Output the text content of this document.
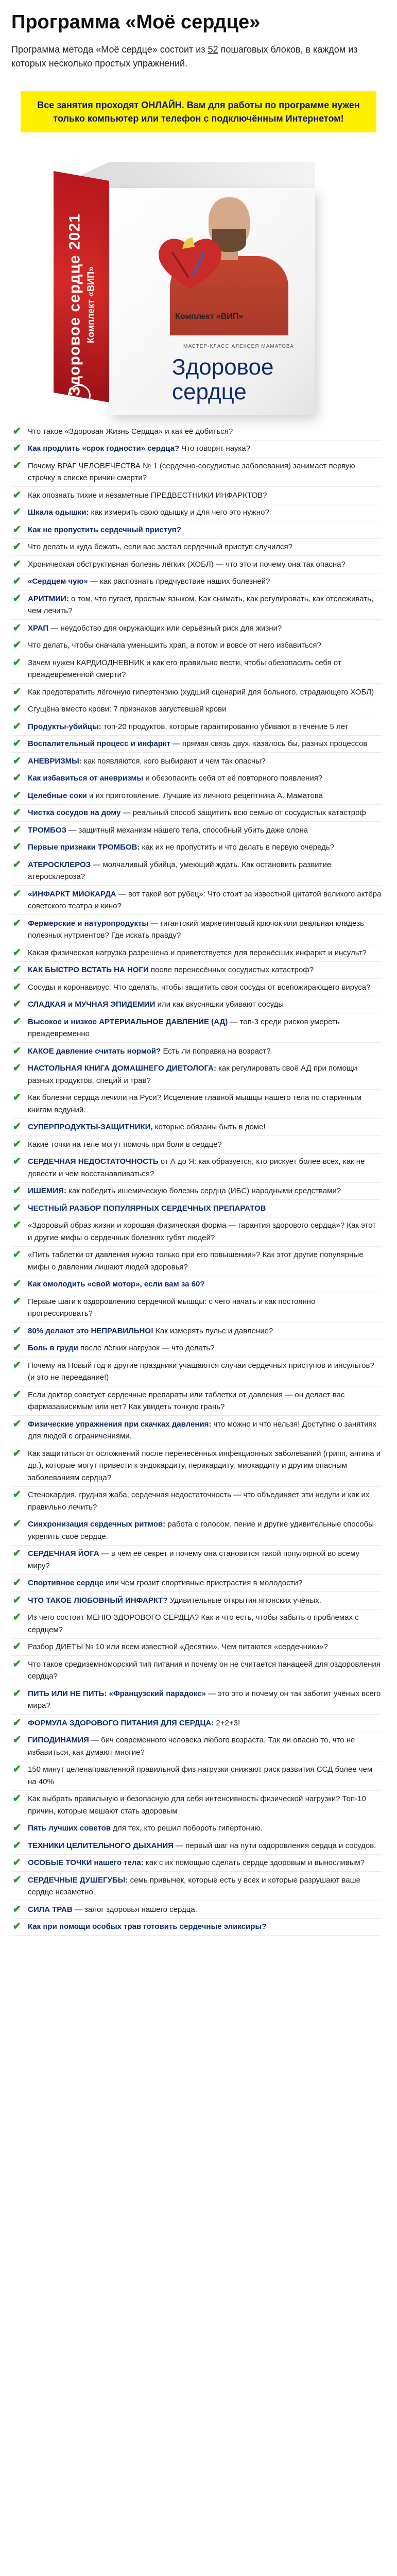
Программа «Моё сердце»
Программа метода «Моё сердце» состоит из 52 пошаговых блоков, в каждом из которых несколько простых упражнений.
Все занятия проходят ОНЛАЙН. Вам для работы по программе нужен только компьютер или телефон с подключённым Интернетом!
Здоровое сердце 2021 Комплект «ВИП»	Комплект «ВИП»
МАСТЕР-КЛАСС АЛЕКСЕЯ МАМАТОВА
Здоровое
сердце
✔ Что такое «Здоровая Жизнь Сердца» и как её добиться?
✔ Как продлить «срок годности» сердца? Что говорят наука?
✔ Почему ВРАГ ЧЕЛОВЕЧЕСТВА № 1 (сердечно-сосудистые заболевания) занимает первую строчку в списке причин смерти?
✔ Как опознать тихие и незаметные ПРЕДВЕСТНИКИ ИНФАРКТОВ?
✔ Шкала одышки: как измерить свою одышку и для чего это нужно?
✔ Как не пропустить сердечный приступ?
✔ Что делать и куда бежать, если вас застал сердечный приступ случился?
✔ Хроническая обструктивная болезнь лёгких (ХОБЛ) — что это и почему она так опасна?
✔ «Сердцем чую» — как распознать предчувствие наших болезней?
✔ АРИТМИИ: о том, что пугает, простым языком. Как снимать, как регулировать, как отслеживать, чем лечить?
✔ ХРАП — неудобство для окружающих или серьёзный риск для жизни?
✔ Что делать, чтобы сначала уменьшить храп, а потом и вовсе от него избавиться?
✔ Зачем нужен КАРДИОДНЕВНИК и как его правильно вести, чтобы обезопасить себя от преждевременной смерти?
✔ Как предотвратить лёгочную гипертензию (худший сценарий для больного, страдающего ХОБЛ)
✔ Сгущёна вместо крови: 7 признаков загустевшей крови
✔ Продукты-убийцы: топ-20 продуктов, которые гарантированно убивают в течение 5 лет
✔ Воспалительный процесс и инфаркт — прямая связь двух, казалось бы, разных процессов
✔ АНЕВРИЗМЫ: как появляются, кого выбирают и чем так опасны?
✔ Как избавиться от аневризмы и обезопасить себя от её повторного появления?
✔ Целебные соки и их приготовление. Лучшие из личного рецептника А. Маматова
✔ Чистка сосудов на дому — реальный способ защитить всю семью от сосудистых катастроф
✔ ТРОМБОЗ — защитный механизм нашего тела, способный убить даже слона
✔ Первые признаки ТРОМБОВ: как их не пропустить и что делать в первую очередь?
✔ АТЕРОСКЛЕРОЗ — молчаливый убийца, умеющий ждать. Как остановить развитие атеросклероза?
✔ «ИНФАРКТ МИОКАРДА — вот такой вот рубец»: Что стоит за известной цитатой великого актёра советского театра и кино?
✔ Фермерские и натуропродукты — гигантский маркетинговый крючок или реальная кладезь полезных нутриентов? Где искать правду?
✔ Какая физическая нагрузка разрешена и приветствуется для перенёсших инфаркт и инсульт?
✔ КАК БЫСТРО ВСТАТЬ НА НОГИ после перенесённых сосудистых катастроф?
✔ Сосуды и коронавирус. Что сделать, чтобы защитить свои сосуды от всепожирающего вируса?
✔ СЛАДКАЯ и МУЧНАЯ ЭПИДЕМИИ или как вкусняшки убивают сосуды
✔ Высокое и низкое АРТЕРИАЛЬНОЕ ДАВЛЕНИЕ (АД) — топ-3 среди рисков умереть преждевременно
✔ КАКОЕ давление считать нормой? Есть ли поправка на возраст?
✔ НАСТОЛЬНАЯ КНИГА ДОМАШНЕГО ДИЕТОЛОГА: как регулировать своё АД при помощи разных продуктов, специй и трав?
✔ Как болезни сердца лечили на Руси? Исцеление главной мышцы нашего тела по старинным книгам ведуний.
✔ СУПЕРПРОДУКТЫ-ЗАЩИТНИКИ, которые обязаны быть в доме!
✔ Какие точки на теле могут помочь при боли в сердце?
✔ СЕРДЕЧНАЯ НЕДОСТАТОЧНОСТЬ от А до Я: как образуется, кто рискует более всех, как не довести и чем восстанавливаться?
✔ ИШЕМИЯ: как победить ишемическую болезнь сердца (ИБС) народными средствами?
✔ ЧЕСТНЫЙ РАЗБОР ПОПУЛЯРНЫХ СЕРДЕЧНЫХ ПРЕПАРАТОВ
✔ «Здоровый образ жизни и хорошая физическая форма — гарантия здорового сердца»? Как этот и другие мифы о сердечных болезнях губят людей?
✔ «Пить таблетки от давления нужно только при его повышении»? Как этот другие популярные мифы о давлении лишают людей здоровья?
✔ Как омолодить «свой мотор», если вам за 60?
✔ Первые шаги к оздоровлению сердечной мышцы: с чего начать и как постоянно прогрессировать?
✔ 80% делают это НЕПРАВИЛЬНО! Как измерять пульс и давление?
✔ Боль в груди после лёгких нагрузок — что делать?
✔ Почему на Новый год и другие праздники учащаются случаи сердечных приступов и инсультов? (и это не переедание!)
✔ Если доктор советует сердечные препараты или таблетки от давления — он делает вас фармазависимым или нет? Как увидеть тонкую грань?
✔ Физические упражнения при скачках давления: что можно и что нельзя! Доступно о занятиях для людей с ограничениями.
✔ Как защититься от осложнений после перенесённых инфекционных заболеваний (грипп, ангина и др.), которые могут привести к эндокардиту, перикардиту, миокардиту и другим опасным заболеваниям сердца?
✔ Стенокардия, грудная жаба, сердечная недостаточность — что объединяет эти недуги и как их правильно лечить?
✔ Синхронизация сердечных ритмов: работа с голосом, пение и другие удивительные способы укрепить своё сердце.
✔ СЕРДЕЧНАЯ ЙОГА — в чём её секрет и почему она становится такой популярной во всему миру?
✔ Спортивное сердце или чем грозит спортивные пристрастия в молодости?
✔ ЧТО ТАКОЕ ЛЮБОВНЫЙ ИНФАРКТ? Удивительные открытия японских учёных.
✔ Из чего состоит МЕНЮ ЗДОРОВОГО СЕРДЦА? Как и что есть, чтобы забыть о проблемах с сердцем?
✔ Разбор ДИЕТЫ № 10 или всем известной «Десятки». Чем питаются «сердечники»?
✔ Что такое средиземноморский тип питания и почему он не считается панацеей для оздоровления сердца?
✔ ПИТЬ ИЛИ НЕ ПИТЬ: «Французский парадокс» — это это и почему он так заботит учёных всего мира?
✔ ФОРМУЛА ЗДОРОВОГО ПИТАНИЯ ДЛЯ СЕРДЦА: 2+2+3!
✔ ГИПОДИНАМИЯ — бич современного человека любого возраста. Так ли опасно то, что не избавиться, как думают многие?
✔ 150 минут целенаправленной правильной физ нагрузки снижают риск развития ССД более чем на 40%
✔ Как выбрать правильную и безопасную для себя интенсивность физической нагрузки? Топ-10 причин, которые мешают стать здоровым
✔ Пять лучших советов для тех, кто решил побороть гипертонию.
✔ ТЕХНИКИ ЦЕЛИТЕЛЬНОГО ДЫХАНИЯ — первый шаг на пути оздоровления сердца и сосудов.
✔ ОСОБЫЕ ТОЧКИ нашего тела: как с их помощью сделать сердце здоровым и выносливым?
✔ СЕРДЕЧНЫЕ ДУШЕГУБЫ: семь привычек, которые есть у всех и которые разрушают ваше сердце незаметно.
✔ СИЛА ТРАВ — залог здоровья нашего сердца.
✔ Как при помощи особых трав готовить сердечные эликсиры?
